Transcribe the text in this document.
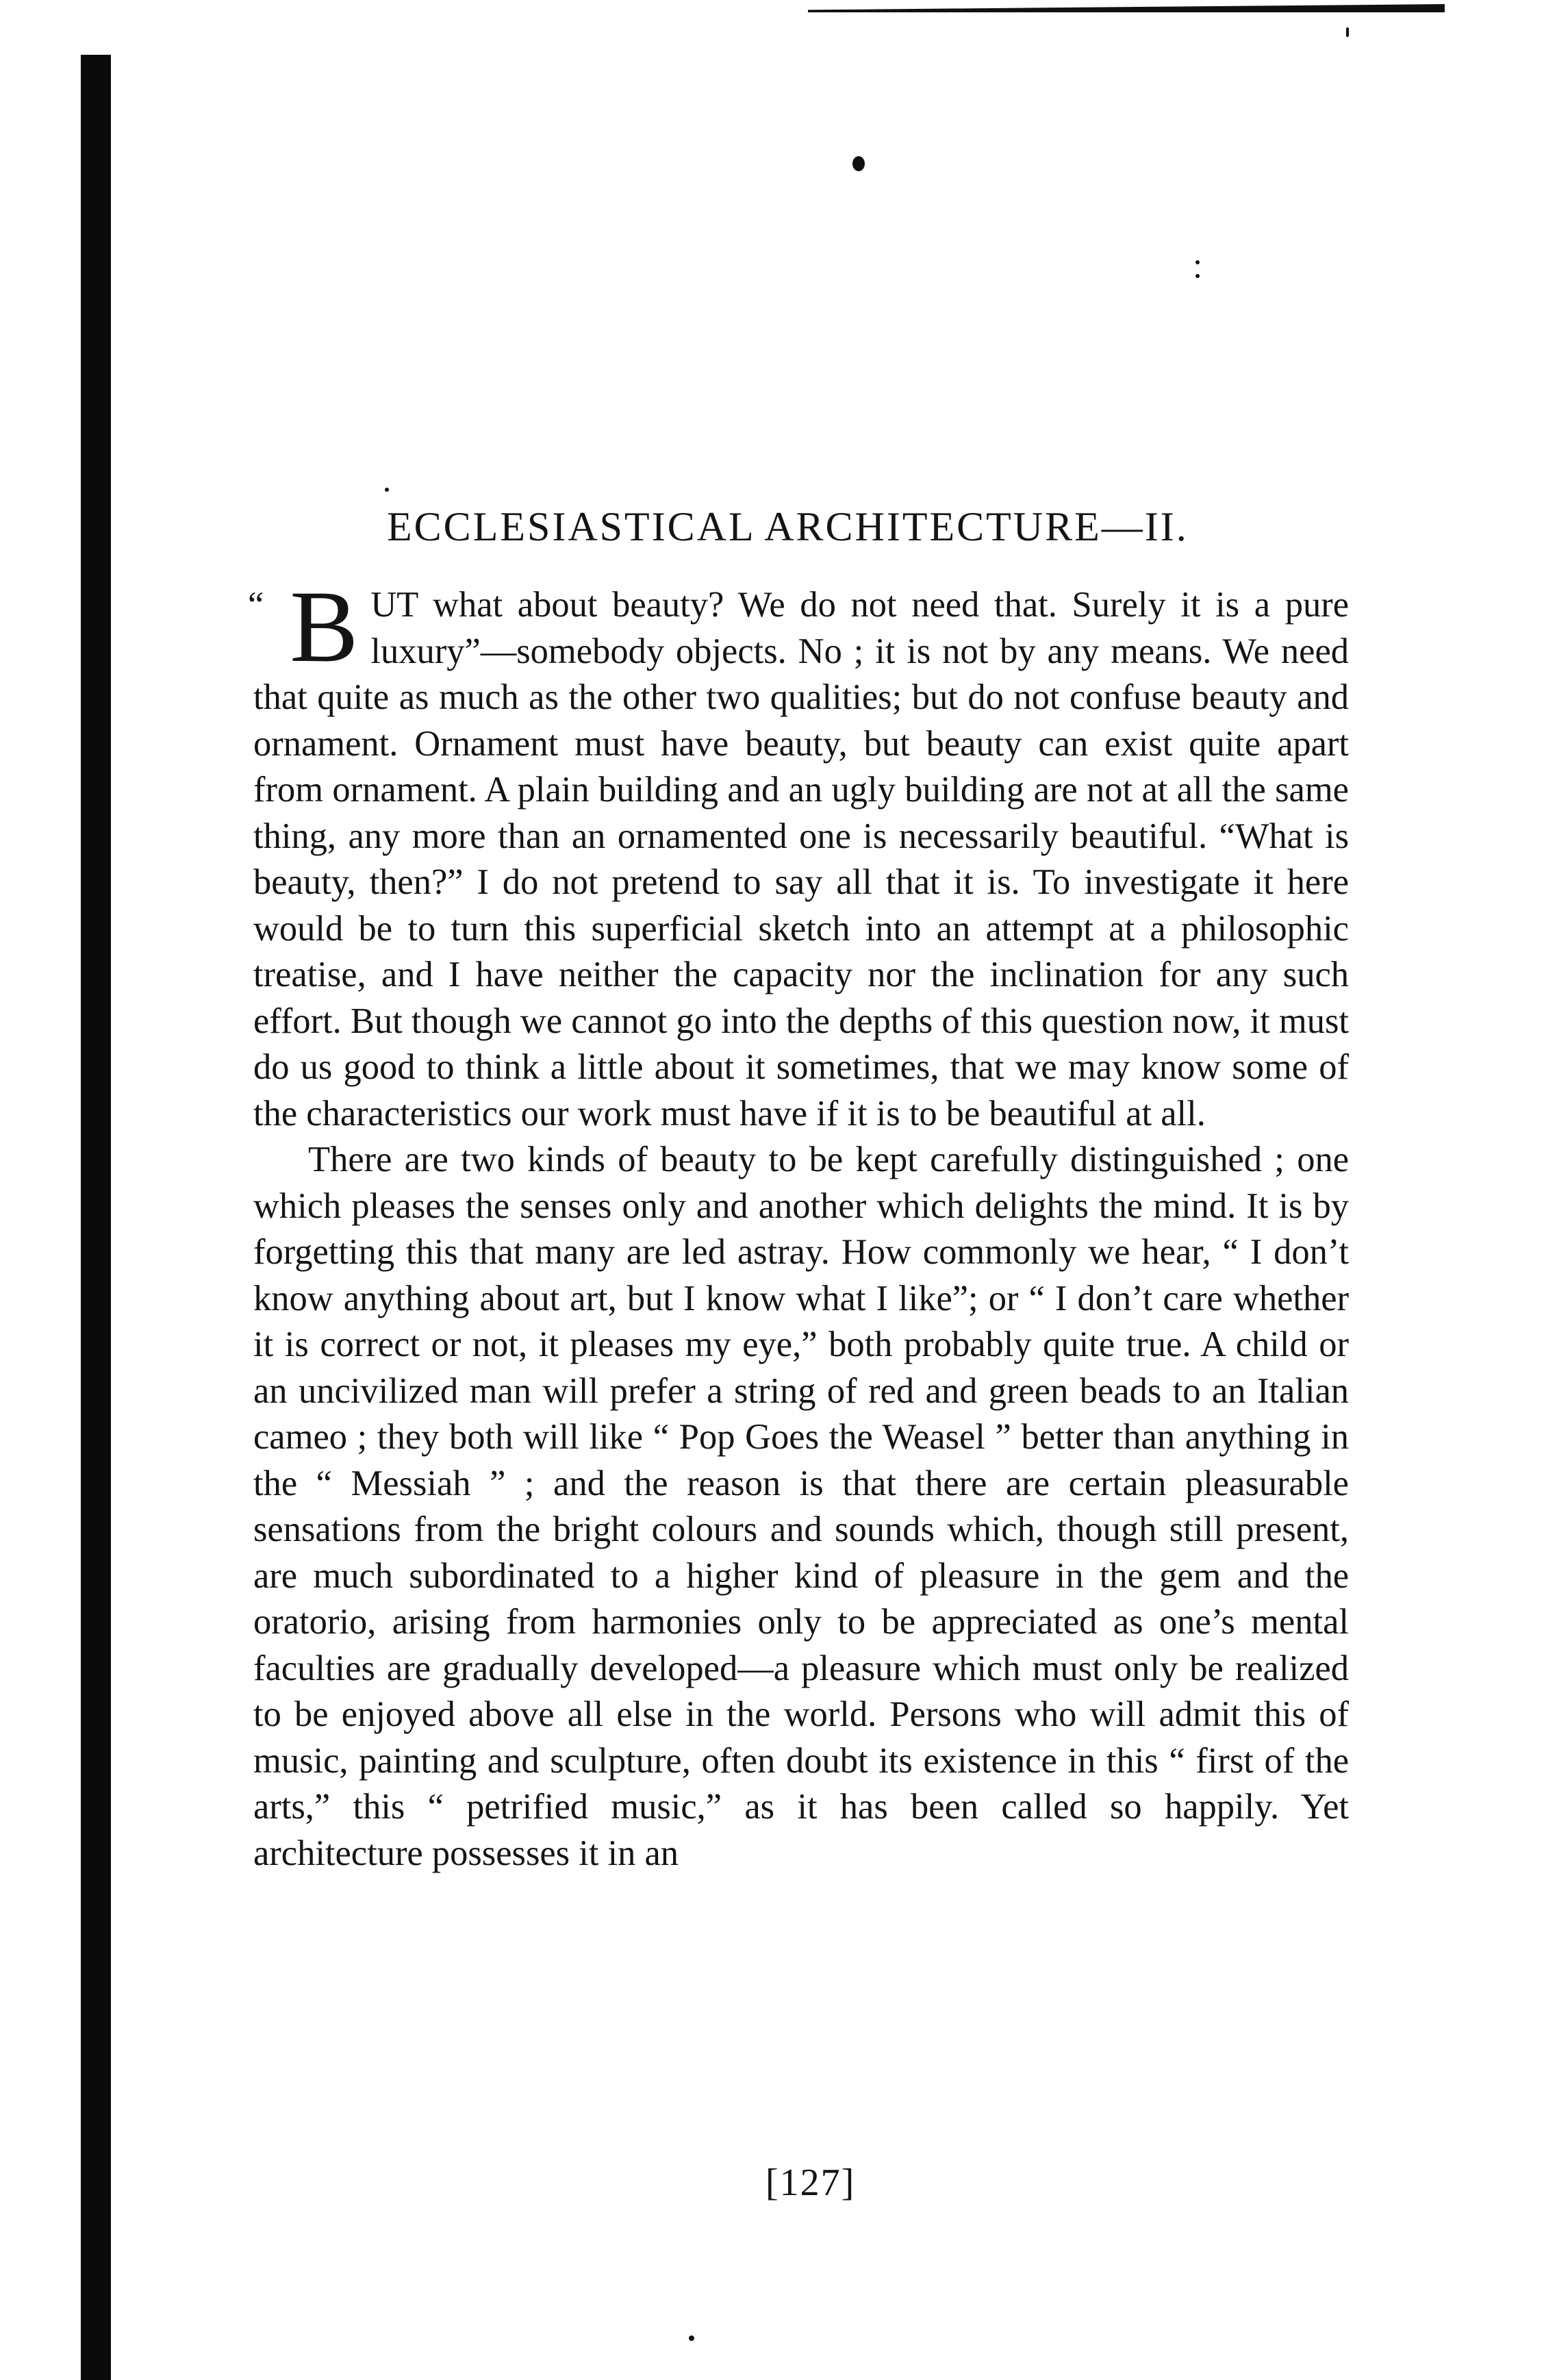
ECCLESIASTICAL ARCHITECTURE—II.

“ B UT what about beauty? We do not need that. Surely it is a pure luxury”—somebody objects. No ; it is not by any means. We need that quite as much as the other two qualities; but do not confuse beauty and ornament. Ornament must have beauty, but beauty can exist quite apart from ornament. A plain building and an ugly building are not at all the same thing, any more than an ornamented one is necessarily beautiful. “What is beauty, then?” I do not pretend to say all that it is. To investigate it here would be to turn this superficial sketch into an attempt at a philosophic treatise, and I have neither the capacity nor the inclination for any such effort. But though we cannot go into the depths of this question now, it must do us good to think a little about it sometimes, that we may know some of the characteristics our work must have if it is to be beautiful at all.

There are two kinds of beauty to be kept carefully distinguished ; one which pleases the senses only and another which delights the mind. It is by forgetting this that many are led astray. How commonly we hear, “ I don’t know anything about art, but I know what I like”; or “ I don’t care whether it is correct or not, it pleases my eye,” both probably quite true. A child or an uncivilized man will prefer a string of red and green beads to an Italian cameo ; they both will like “ Pop Goes the Weasel ” better than anything in the “ Messiah ” ; and the reason is that there are certain pleasurable sensations from the bright colours and sounds which, though still present, are much subordinated to a higher kind of pleasure in the gem and the oratorio, arising from harmonies only to be appreciated as one’s mental faculties are gradually developed—a pleasure which must only be realized to be enjoyed above all else in the world. Persons who will admit this of music, painting and sculpture, often doubt its existence in this “ first of the arts,” this “ petrified music,” as it has been called so happily. Yet architecture possesses it in an

[127]
